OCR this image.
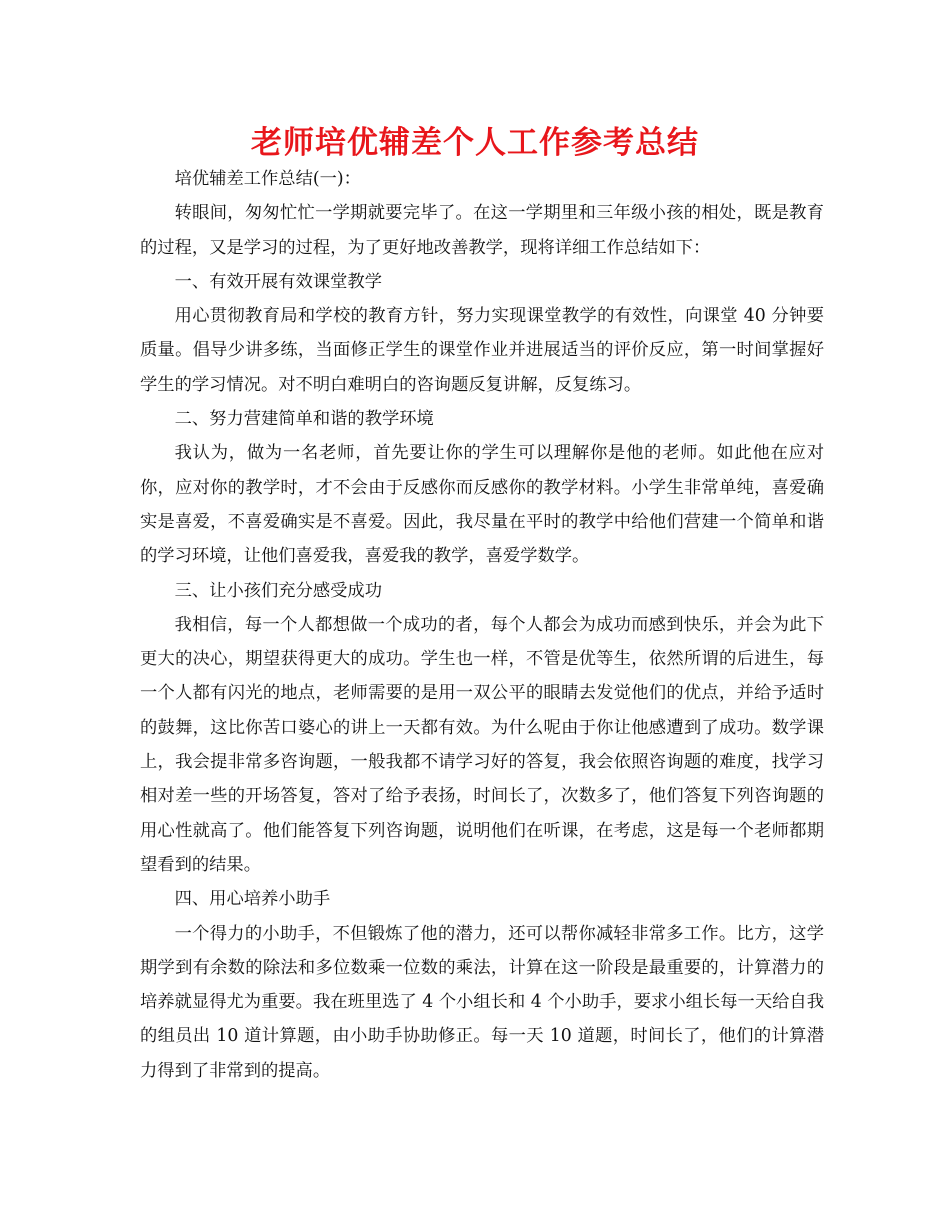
老师培优辅差个人工作参考总结

培优辅差工作总结(一)：

转眼间，匆匆忙忙一学期就要完毕了。在这一学期里和三年级小孩的相处，既是教育的过程，又是学习的过程，为了更好地改善教学，现将详细工作总结如下：

一、有效开展有效课堂教学

用心贯彻教育局和学校的教育方针，努力实现课堂教学的有效性，向课堂 40 分钟要质量。倡导少讲多练，当面修正学生的课堂作业并进展适当的评价反应，第一时间掌握好学生的学习情况。对不明白难明白的咨询题反复讲解，反复练习。

二、努力营建简单和谐的教学环境

我认为，做为一名老师，首先要让你的学生可以理解你是他的老师。如此他在应对你，应对你的教学时，才不会由于反感你而反感你的教学材料。小学生非常单纯，喜爱确实是喜爱，不喜爱确实是不喜爱。因此，我尽量在平时的教学中给他们营建一个简单和谐的学习环境，让他们喜爱我，喜爱我的教学，喜爱学数学。

三、让小孩们充分感受成功

我相信，每一个人都想做一个成功的者，每个人都会为成功而感到快乐，并会为此下更大的决心，期望获得更大的成功。学生也一样，不管是优等生，依然所谓的后进生，每一个人都有闪光的地点，老师需要的是用一双公平的眼睛去发觉他们的优点，并给予适时的鼓舞，这比你苦口婆心的讲上一天都有效。为什么呢由于你让他感遭到了成功。数学课上，我会提非常多咨询题，一般我都不请学习好的答复，我会依照咨询题的难度，找学习相对差一些的开场答复，答对了给予表扬，时间长了，次数多了，他们答复下列咨询题的用心性就高了。他们能答复下列咨询题，说明他们在听课，在考虑，这是每一个老师都期望看到的结果。

四、用心培养小助手

一个得力的小助手，不但锻炼了他的潜力，还可以帮你减轻非常多工作。比方，这学期学到有余数的除法和多位数乘一位数的乘法，计算在这一阶段是最重要的，计算潜力的培养就显得尤为重要。我在班里选了 4 个小组长和 4 个小助手，要求小组长每一天给自我的组员出 10 道计算题，由小助手协助修正。每一天 10 道题，时间长了，他们的计算潜力得到了非常到的提高。
